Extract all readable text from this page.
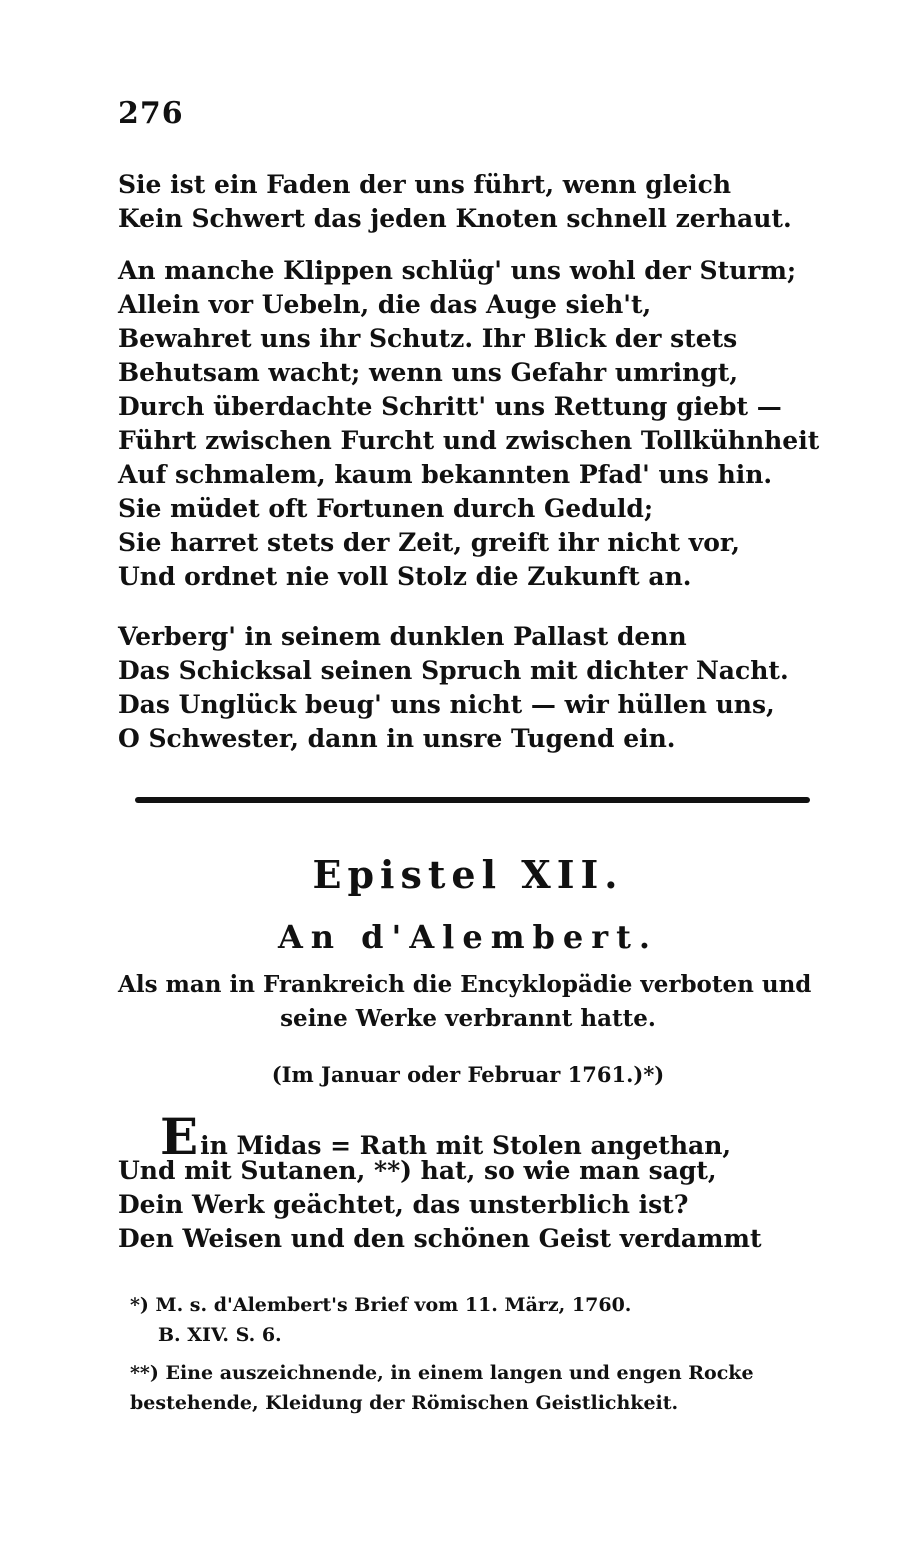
276
Sie ist ein Faden der uns führt, wenn gleich
Kein Schwert das jeden Knoten schnell zerhaut.
An manche Klippen schlüg' uns wohl der Sturm;
Allein vor Uebeln, die das Auge sieh't,
Bewahret uns ihr Schutz. Ihr Blick der stets
Behutsam wacht; wenn uns Gefahr umringt,
Durch überdachte Schritt' uns Rettung giebt —
Führt zwischen Furcht und zwischen Tollkühnheit
Auf schmalem, kaum bekannten Pfad' uns hin.
Sie müdet oft Fortunen durch Geduld;
Sie harret stets der Zeit, greift ihr nicht vor,
Und ordnet nie voll Stolz die Zukunft an.
Verberg' in seinem dunklen Pallast denn
Das Schicksal seinen Spruch mit dichter Nacht.
Das Unglück beug' uns nicht — wir hüllen uns,
O Schwester, dann in unsre Tugend ein.
Epistel XII.
An d'Alembert.
Als man in Frankreich die Encyklopädie verboten und
seine Werke verbrannt hatte.
(Im Januar oder Februar 1761.)*)
Ein Midas = Rath mit Stolen angethan,
Und mit Sutanen, **) hat, so wie man sagt,
Dein Werk geächtet, das unsterblich ist?
Den Weisen und den schönen Geist verdammt
*) M. s. d'Alembert's Brief vom 11. März, 1760.
B. XIV. S. 6.
**) Eine auszeichnende, in einem langen und engen Rocke
bestehende, Kleidung der Römischen Geistlichkeit.
